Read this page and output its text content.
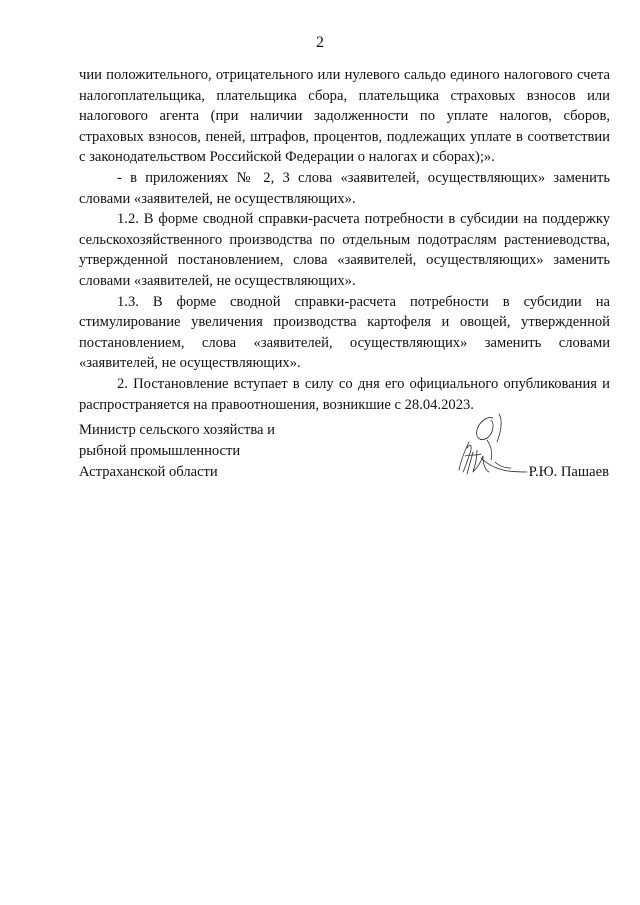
2

чии положительного, отрицательного или нулевого сальдо единого налогового счета налогоплательщика, плательщика сбора, плательщика страховых взносов или налогового агента (при наличии задолженности по уплате налогов, сборов, страховых взносов, пеней, штрафов, процентов, подлежащих уплате в соответствии с законодательством Российской Федерации о налогах и сборах);».

- в приложениях № 2, 3 слова «заявителей, осуществляющих» заменить словами «заявителей, не осуществляющих».

1.2. В форме сводной справки-расчета потребности в субсидии на поддержку сельскохозяйственного производства по отдельным подотраслям растениеводства, утвержденной постановлением, слова «заявителей, осуществляющих» заменить словами «заявителей, не осуществляющих».

1.3. В форме сводной справки-расчета потребности в субсидии на стимулирование увеличения производства картофеля и овощей, утвержденной постановлением, слова «заявителей, осуществляющих» заменить словами «заявителей, не осуществляющих».

2. Постановление вступает в силу со дня его официального опубликования и распространяется на правоотношения, возникшие с 28.04.2023.

Министр сельского хозяйства и
рыбной промышленности
Астраханской области	Р.Ю. Пашаев
